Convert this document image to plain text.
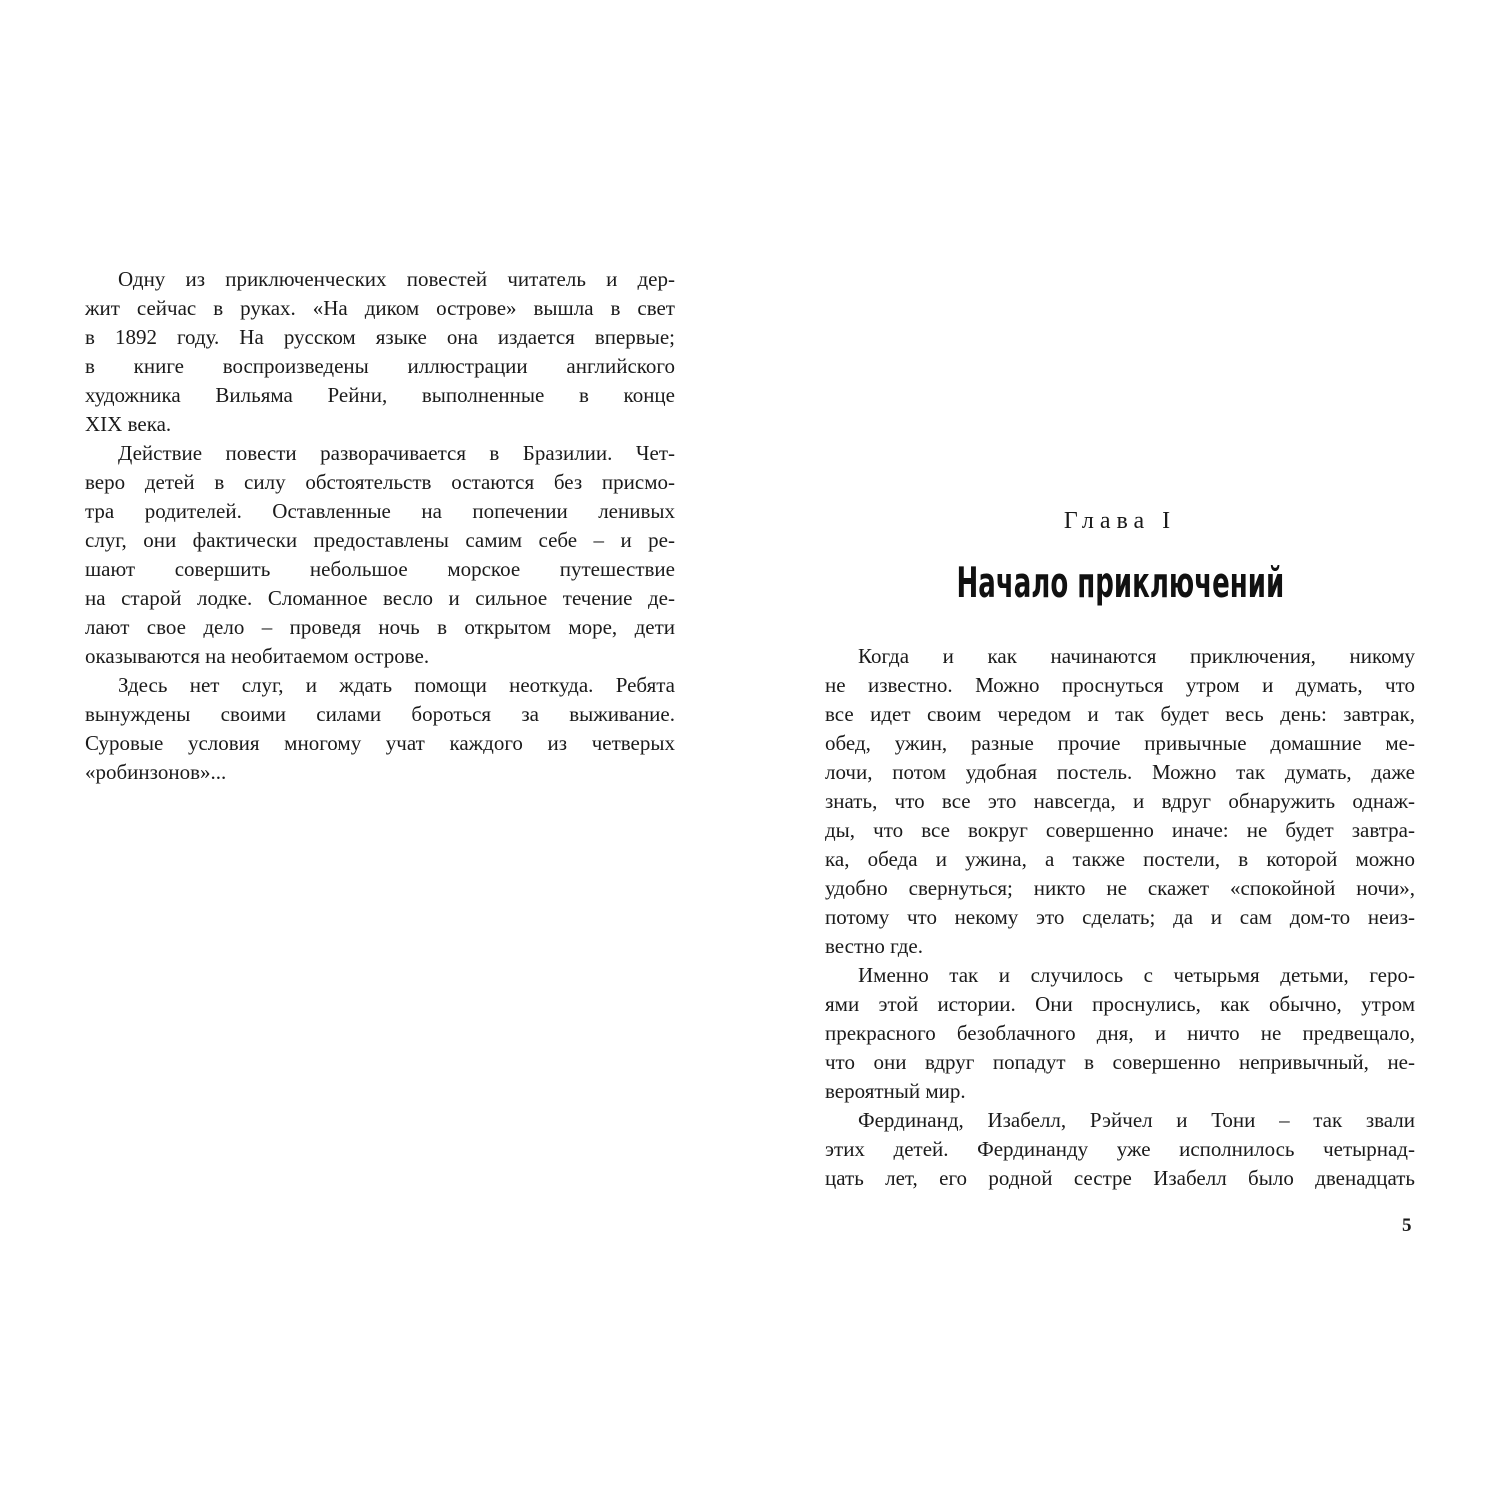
Одну из приключенческих повестей читатель и дер-
жит сейчас в руках. «На диком острове» вышла в свет
в 1892 году. На русском языке она издается впервые;
в книге воспроизведены иллюстрации английского
художника Вильяма Рейни, выполненные в конце
XIX века.
Действие повести разворачивается в Бразилии. Чет-
веро детей в силу обстоятельств остаются без присмо-
тра родителей. Оставленные на попечении ленивых
слуг, они фактически предоставлены самим себе – и ре-
шают совершить небольшое морское путешествие
на старой лодке. Сломанное весло и сильное течение де-
лают свое дело – проведя ночь в открытом море, дети
оказываются на необитаемом острове.
Здесь нет слуг, и ждать помощи неоткуда. Ребята
вынуждены своими силами бороться за выживание.
Суровые условия многому учат каждого из четверых
«робинзонов»...
Глава I
Начало приключений
Когда и как начинаются приключения, никому
не известно. Можно проснуться утром и думать, что
все идет своим чередом и так будет весь день: завтрак,
обед, ужин, разные прочие привычные домашние ме-
лочи, потом удобная постель. Можно так думать, даже
знать, что все это навсегда, и вдруг обнаружить однаж-
ды, что все вокруг совершенно иначе: не будет завтра-
ка, обеда и ужина, а также постели, в которой можно
удобно свернуться; никто не скажет «спокойной ночи»,
потому что некому это сделать; да и сам дом-то неиз-
вестно где.
Именно так и случилось с четырьмя детьми, геро-
ями этой истории. Они проснулись, как обычно, утром
прекрасного безоблачного дня, и ничто не предвещало,
что они вдруг попадут в совершенно непривычный, не-
вероятный мир.
Фердинанд, Изабелл, Рэйчел и Тони – так звали
этих детей. Фердинанду уже исполнилось четырнад-
цать лет, его родной сестре Изабелл было двенадцать
5
